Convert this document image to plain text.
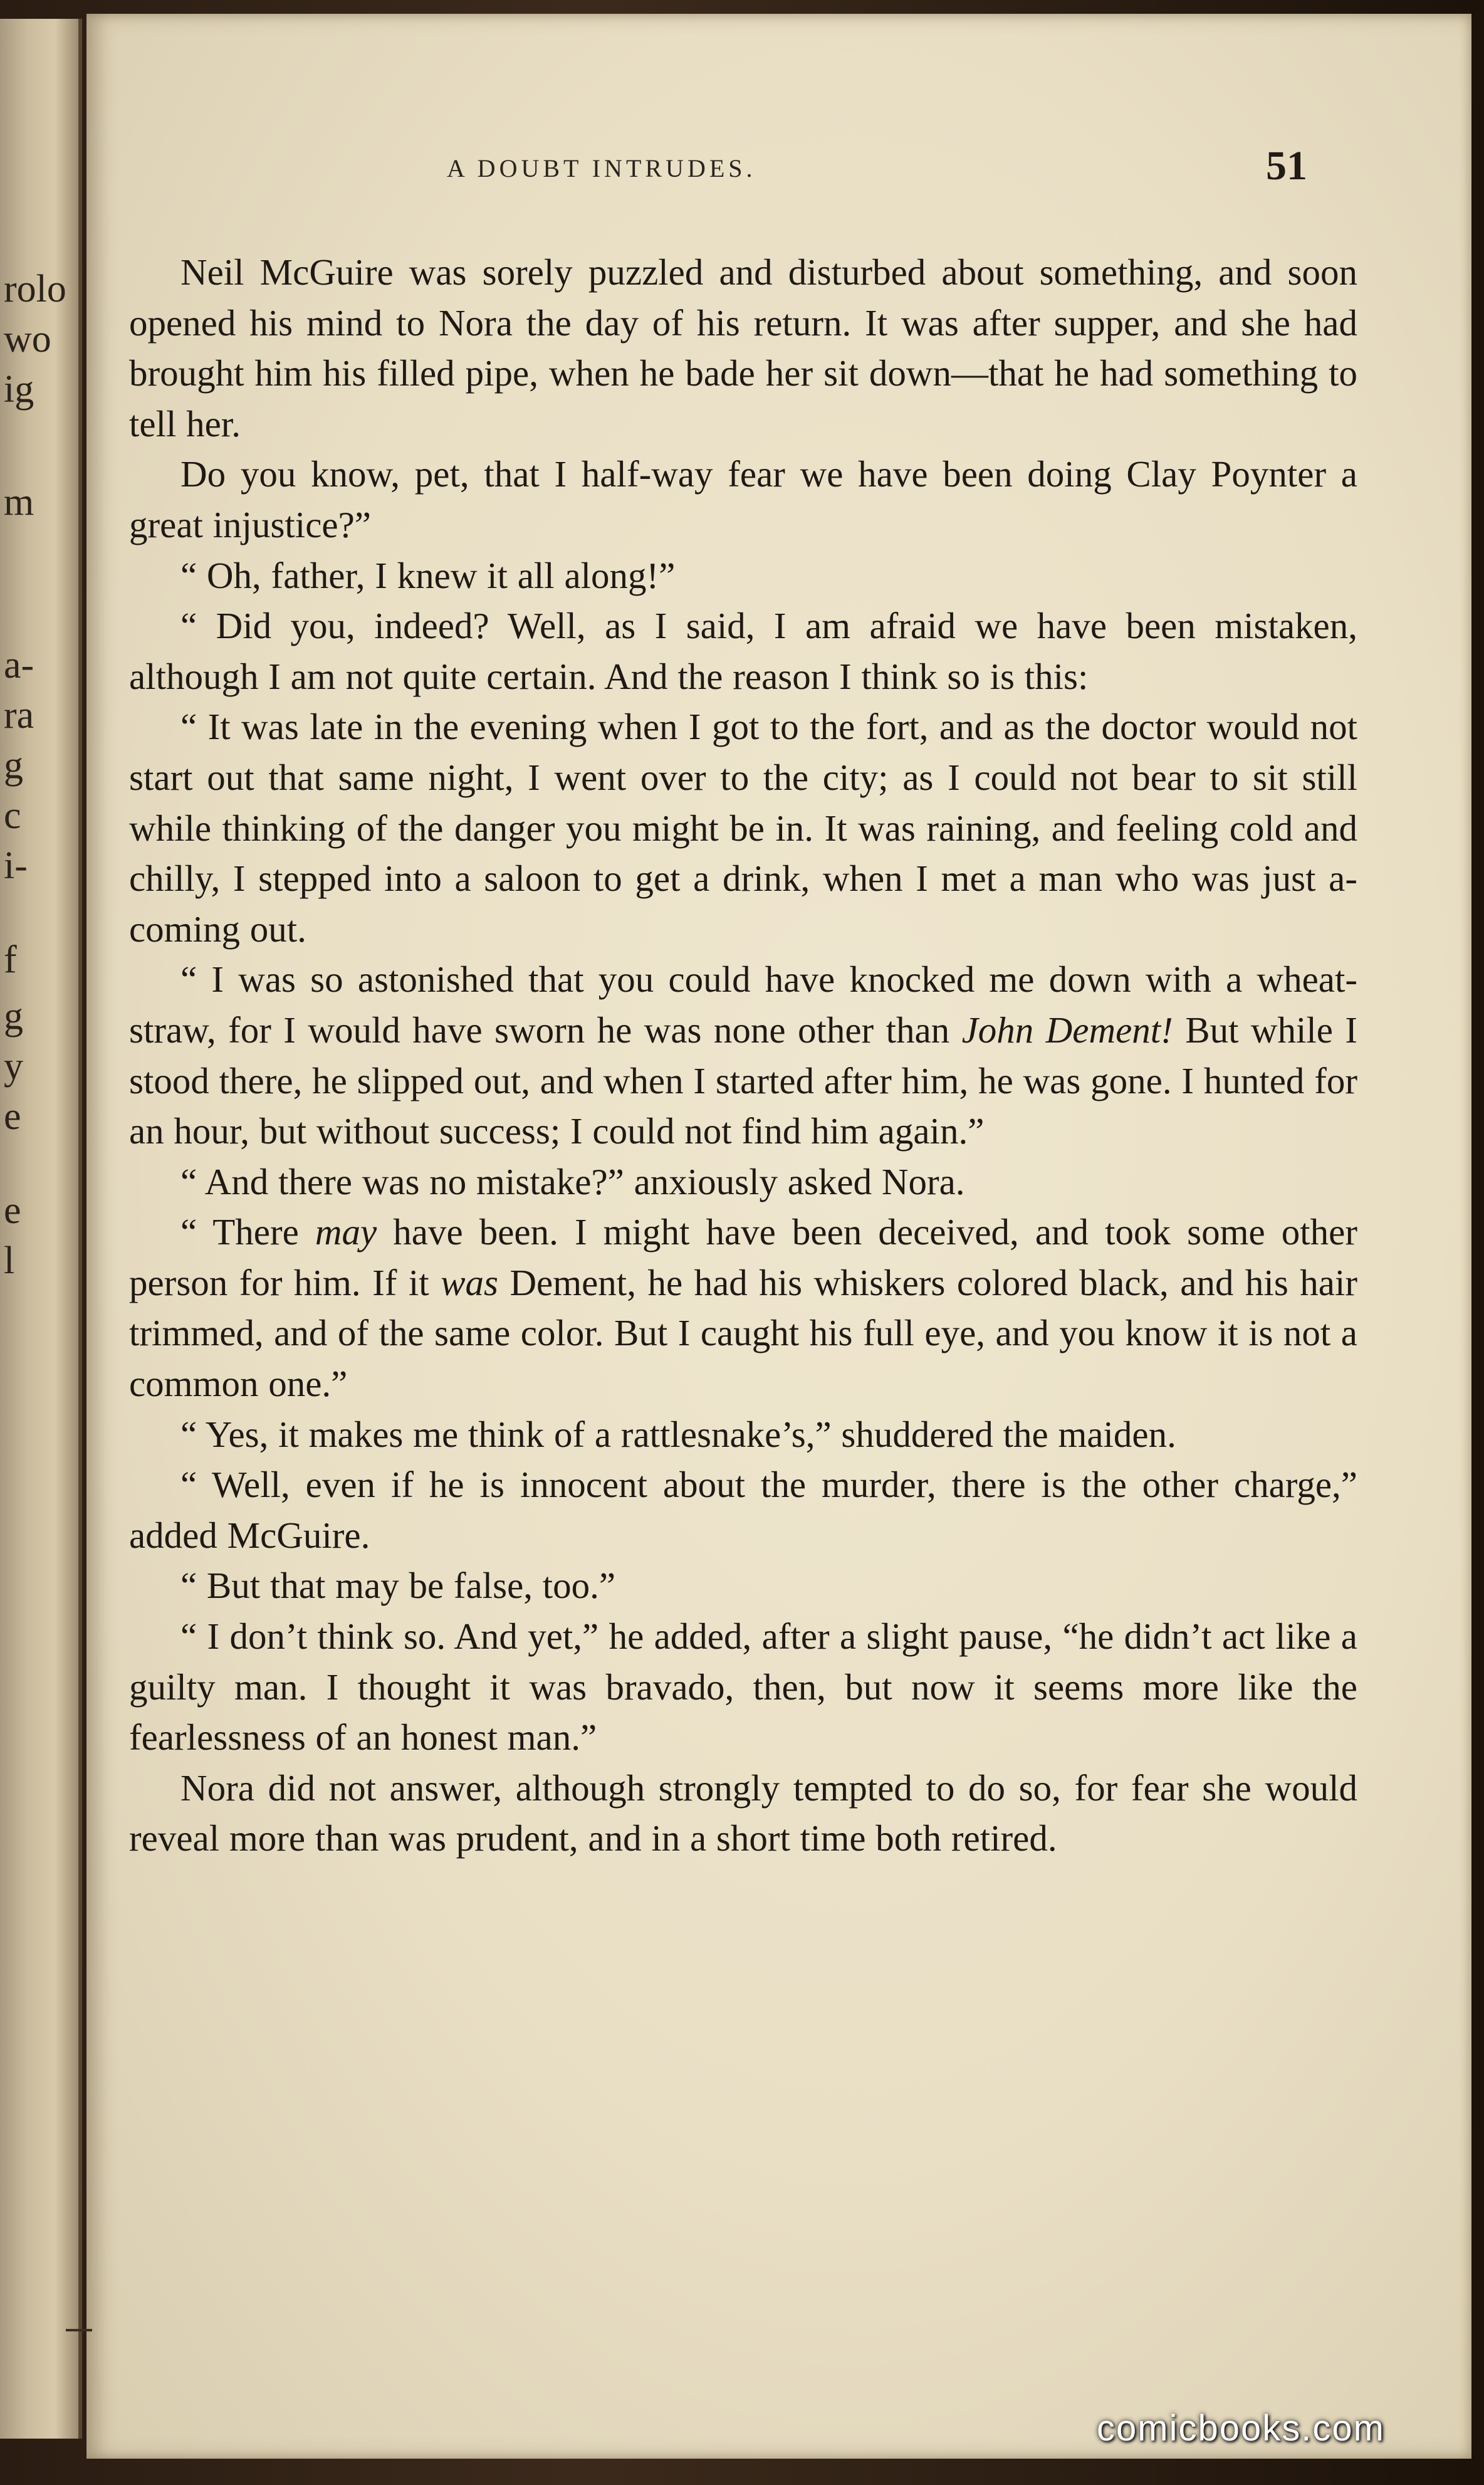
rolo
wo
ig
m
a-
ra
g
c
i-
f
g
y
e
e
l
A DOUBT INTRUDES.	51

Neil McGuire was sorely puzzled and disturbed about something, and soon opened his mind to Nora the day of his return. It was after supper, and she had brought him his filled pipe, when he bade her sit down—that he had something to tell her.

Do you know, pet, that I half-way fear we have been doing Clay Poynter a great injustice?”

“ Oh, father, I knew it all along!”

“ Did you, indeed? Well, as I said, I am afraid we have been mistaken, although I am not quite certain. And the reason I think so is this:

“ It was late in the evening when I got to the fort, and as the doctor would not start out that same night, I went over to the city; as I could not bear to sit still while thinking of the danger you might be in. It was raining, and feeling cold and chilly, I stepped into a saloon to get a drink, when I met a man who was just a-coming out.

“ I was so astonished that you could have knocked me down with a wheat-straw, for I would have sworn he was none other than John Dement! But while I stood there, he slipped out, and when I started after him, he was gone. I hunted for an hour, but without success; I could not find him again.”

“ And there was no mistake?” anxiously asked Nora.

“ There may have been. I might have been deceived, and took some other person for him. If it was Dement, he had his whiskers colored black, and his hair trimmed, and of the same color. But I caught his full eye, and you know it is not a common one.”

“ Yes, it makes me think of a rattlesnake’s,” shuddered the maiden.

“ Well, even if he is innocent about the murder, there is the other charge,” added McGuire.

“ But that may be false, too.”

“ I don’t think so. And yet,” he added, after a slight pause, “he didn’t act like a guilty man. I thought it was bravado, then, but now it seems more like the fearlessness of an honest man.”

Nora did not answer, although strongly tempted to do so, for fear she would reveal more than was prudent, and in a short time both retired.

comicbooks.com
